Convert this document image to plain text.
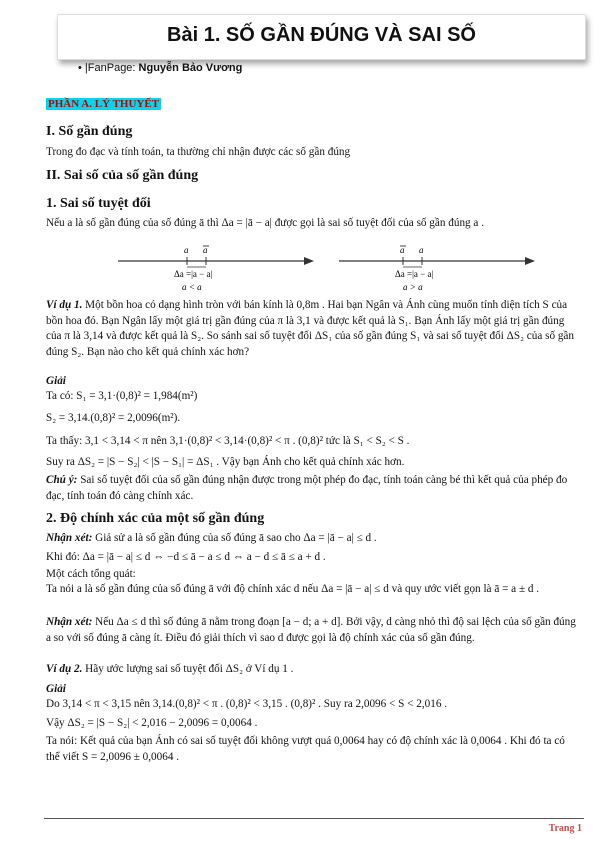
Bài 1. SỐ GẦN ĐÚNG VÀ SAI SỐ
• |FanPage: Nguyễn Bảo Vương
PHẦN A. LÝ THUYẾT
I. Số gần đúng
Trong đo đạc và tính toán, ta thường chỉ nhận được các số gần đúng
II. Sai số của số gần đúng
1. Sai số tuyệt đối
Nếu a là số gần đúng của số đúng ā thì Δa = |ā − a| được gọi là sai số tuyệt đối của số gần đúng a .
a a
Δa =|a − a|
a < a
a a
Δa =|a − a|
a > a
Ví dụ 1. Một bồn hoa có dạng hình tròn với bán kính là 0,8m . Hai bạn Ngân và Ánh cùng muốn tính diện tích S của bồn hoa đó. Bạn Ngân lấy một giá trị gần đúng của π là 3,1 và được kết quả là S₁. Bạn Ánh lấy một giá trị gần đúng của π là 3,14 và được kết quả là S₂. So sánh sai số tuyệt đối ΔS₁ của số gần đúng S₁ và sai số tuyệt đối ΔS₂ của số gần đúng S₂. Bạn nào cho kết quả chính xác hơn?
Giải
Ta có: S₁ = 3,1·(0,8)² = 1,984(m²)
S₂ = 3,14.(0,8)² = 2,0096(m²).
Ta thấy: 3,1 < 3,14 < π nên 3,1·(0,8)² < 3,14·(0,8)² < π . (0,8)² tức là S₁ < S₂ < S .
Suy ra ΔS₂ = |S − S₂| < |S − S₁| = ΔS₁ . Vậy bạn Ánh cho kết quả chính xác hơn.
Chú ý: Sai số tuyệt đối của số gần đúng nhận được trong một phép đo đạc, tính toán càng bé thì kết quả của phép đo đạc, tính toán đó càng chính xác.
2. Độ chính xác của một số gần đúng
Nhận xét: Giả sử a là số gần đúng của số đúng ā sao cho Δa = |ā − a| ≤ d .
Khi đó: Δa = |ā − a| ≤ d ⇔ −d ≤ ā − a ≤ d ⇔ a − d ≤ ā ≤ a + d .
Một cách tổng quát:
Ta nói a là số gần đúng của số đúng ā với độ chính xác d nếu Δa = |ā − a| ≤ d và quy ước viết gọn là ā = a ± d .
Nhận xét: Nếu Δa ≤ d thì số đúng ā nằm trong đoạn [a − d; a + d]. Bởi vậy, d càng nhỏ thì độ sai lệch của số gần đúng a so với số đúng ā càng ít. Điều đó giải thích vì sao d được gọi là độ chính xác của số gần đúng.
Ví dụ 2. Hãy ước lượng sai số tuyệt đối ΔS₂ ở Ví dụ 1 .
Giải
Do 3,14 < π < 3,15 nên 3,14.(0,8)² < π . (0,8)² < 3,15 . (0,8)² . Suy ra 2,0096 < S < 2,016 .
Vậy ΔS₂ = |S − S₂| < 2,016 − 2,0096 = 0,0064 .
Ta nói: Kết quả của bạn Ánh có sai số tuyệt đối không vượt quá 0,0064 hay có độ chính xác là 0,0064 . Khi đó ta có thể viết S = 2,0096 ± 0,0064 .
Trang 1
